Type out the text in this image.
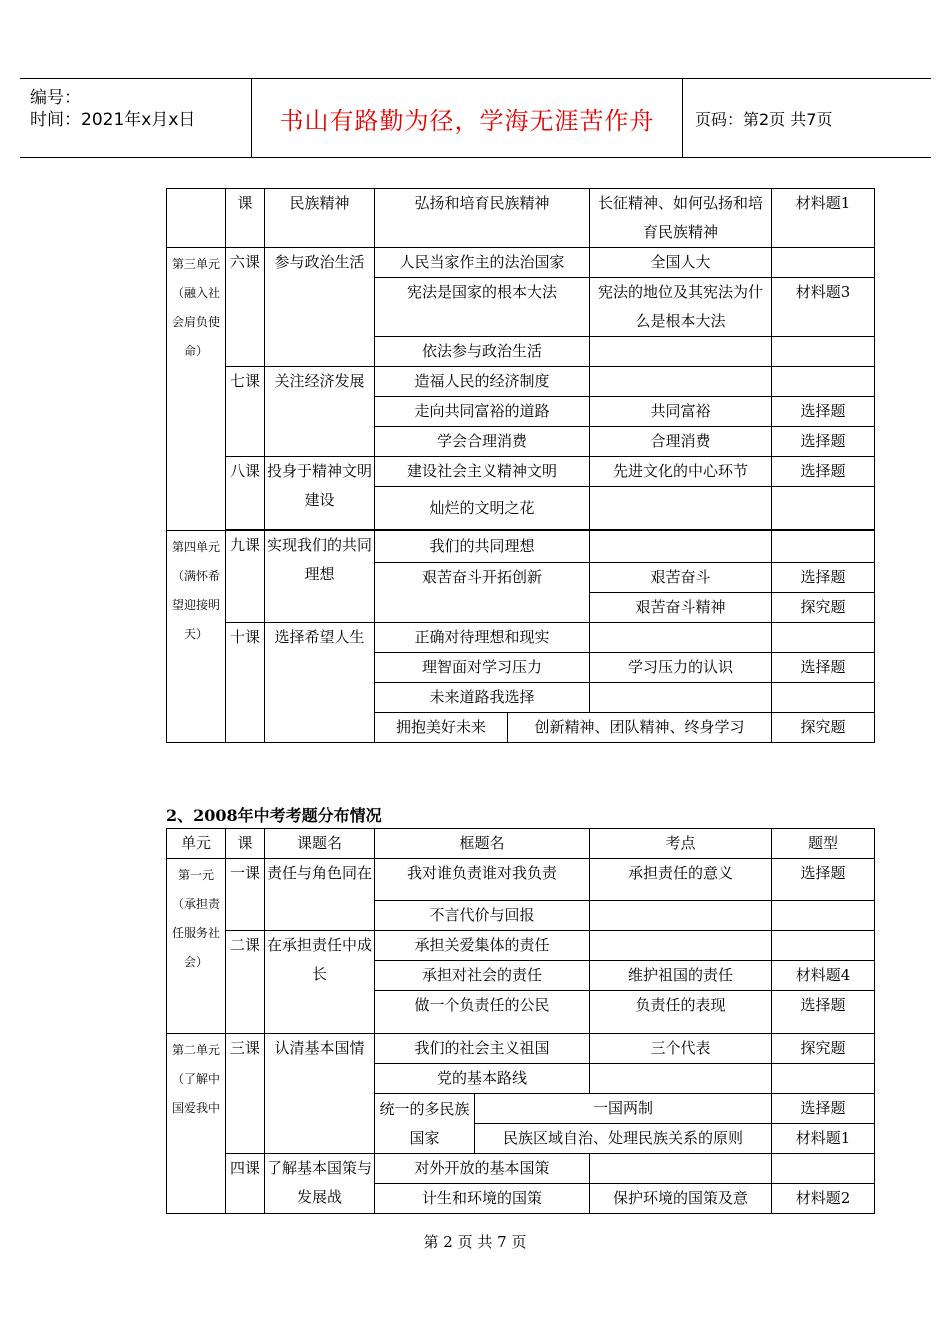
编号：
时间：2021年x月x日	书山有路勤为径，学海无涯苦作舟	页码：第2页 共7页
	课	民族精神	弘扬和培育民族精神		长征精神、如何弘扬和培育民族精神	材料题1
第三单元（融入社会肩负使命）	六课	参与政治生活	人民当家作主的法治国家		全国人大	
			宪法是国家的根本大法		宪法的地位及其宪法为什么是根本大法	材料题3
			依法参与政治生活			
	七课	关注经济发展	造福人民的经济制度			
			走向共同富裕的道路		共同富裕	选择题
			学会合理消费		合理消费	选择题
	八课	投身于精神文明建设	建设社会主义精神文明		先进文化的中心环节	选择题
			灿烂的文明之花			

第四单元（满怀希望迎接明天）	九课	实现我们的共同理想	我们的共同理想			
			艰苦奋斗开拓创新		艰苦奋斗	选择题
					艰苦奋斗精神	探究题
	十课	选择希望人生	正确对待理想和现实			
			理智面对学习压力		学习压力的认识	选择题
			未来道路我选择			
			拥抱美好未来	创新精神、团队精神、终身学习		探究题
2、2008年中考考题分布情况
单元	课	课题名	框题名		考点	题型
第一元（承担责任服务社会）	一课	责任与角色同在	我对谁负责谁对我负责		承担责任的意义	选择题
			不言代价与回报			
	二课	在承担责任中成长	承担关爱集体的责任			
			承担对社会的责任		维护祖国的责任	材料题4
			做一个负责任的公民		负责任的表现	选择题
第二单元（了解中国爱我中	三课	认清基本国情	我们的社会主义祖国		三个代表	探究题
			党的基本路线			
			统一的多民族国家	一国两制		选择题
				民族区域自治、处理民族关系的原则		材料题1
	四课	了解基本国策与发展战	对外开放的基本国策			
			计生和环境的国策		保护环境的国策及意	材料题2
第 2 页 共 7 页
